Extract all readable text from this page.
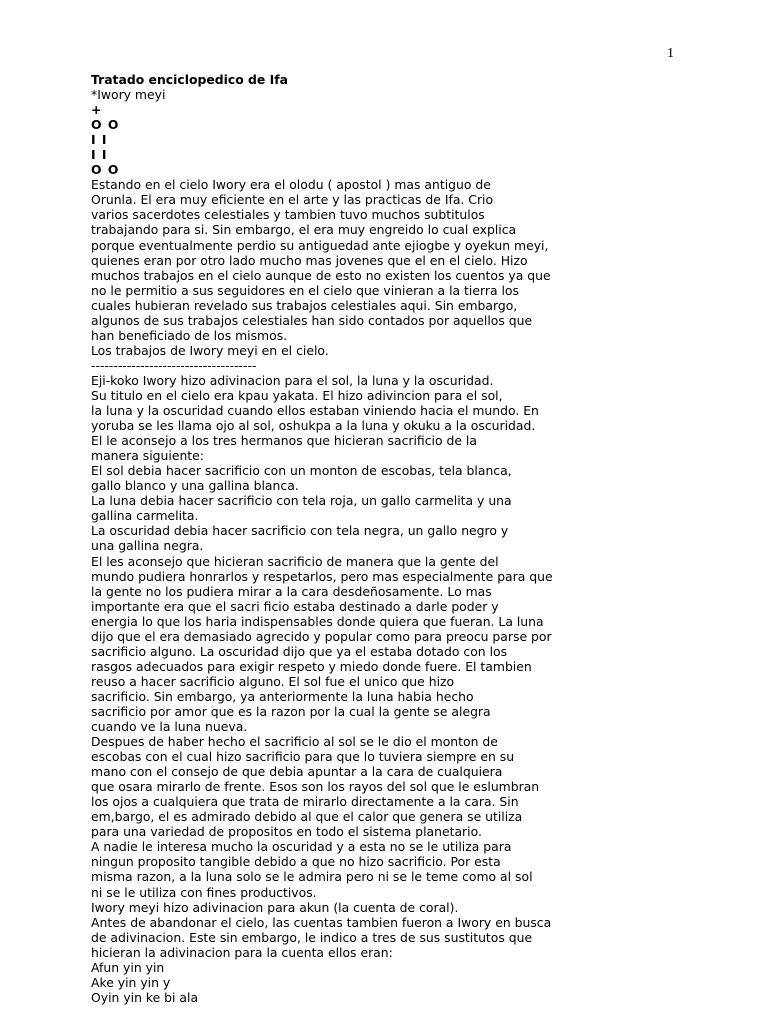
1
Tratado enciclopedico de Ifa
*Iwory meyi
+
O O
I I
I I
O O
Estando en el cielo Iwory era el olodu ( apostol ) mas antiguo de
Orunla. El era muy eficiente en el arte y las practicas de Ifa. Crio
varios sacerdotes celestiales y tambien tuvo muchos subtitulos
trabajando para si. Sin embargo, el era muy engreido lo cual explica
porque eventualmente perdio su antiguedad ante ejiogbe y oyekun meyi,
quienes eran por otro lado mucho mas jovenes que el en el cielo. Hizo
muchos trabajos en el cielo aunque de esto no existen los cuentos ya que
no le permitio a sus seguidores en el cielo que vinieran a la tierra los
cuales hubieran revelado sus trabajos celestiales aqui. Sin embargo,
algunos de sus trabajos celestiales han sido contados por aquellos que
han beneficiado de los mismos.
Los trabajos de Iwory meyi en el cielo.
-------------------------------------
Eji-koko Iwory hizo adivinacion para el sol, la luna y la oscuridad.
Su titulo en el cielo era kpau yakata. El hizo adivincion para el sol,
la luna y la oscuridad cuando ellos estaban viniendo hacia el mundo. En
yoruba se les llama ojo al sol, oshukpa a la luna y okuku a la oscuridad.
El le aconsejo a los tres hermanos que hicieran sacrificio de la
manera siguiente:
El sol debia hacer sacrificio con un monton de escobas, tela blanca,
gallo blanco y una gallina blanca.
La luna debia hacer sacrificio con tela roja, un gallo carmelita y una
gallina carmelita.
La oscuridad debia hacer sacrificio con tela negra, un gallo negro y
una gallina negra.
El les aconsejo que hicieran sacrificio de manera que la gente del
mundo pudiera honrarlos y respetarlos, pero mas especialmente para que
la gente no los pudiera mirar a la cara desdeñosamente. Lo mas
importante era que el sacri ficio estaba destinado a darle poder y
energia lo que los haria indispensables donde quiera que fueran. La luna
dijo que el era demasiado agrecido y popular como para preocu parse por
sacrificio alguno. La oscuridad dijo que ya el estaba dotado con los
rasgos adecuados para exigir respeto y miedo donde fuere. El tambien
reuso a hacer sacrificio alguno. El sol fue el unico que hizo
sacrificio. Sin embargo, ya anteriormente la luna habia hecho
sacrificio por amor que es la razon por la cual la gente se alegra
cuando ve la luna nueva.
Despues de haber hecho el sacrificio al sol se le dio el monton de
escobas con el cual hizo sacrificio para que lo tuviera siempre en su
mano con el consejo de que debia apuntar a la cara de cualquiera
que osara mirarlo de frente. Esos son los rayos del sol que le eslumbran
los ojos a cualquiera que trata de mirarlo directamente a la cara. Sin
em,bargo, el es admirado debido al que el calor que genera se utiliza
para una variedad de propositos en todo el sistema planetario.
A nadie le interesa mucho la oscuridad y a esta no se le utiliza para
ningun proposito tangible debido a que no hizo sacrificio. Por esta
misma razon, a la luna solo se le admira pero ni se le teme como al sol
ni se le utiliza con fines productivos.
Iwory meyi hizo adivinacion para akun (la cuenta de coral).
Antes de abandonar el cielo, las cuentas tambien fueron a Iwory en busca
de adivinacion. Este sin embargo, le indico a tres de sus sustitutos que
hicieran la adivinacion para la cuenta ellos eran:
Afun yin yin
Ake yin yin y
Oyin yin ke bi ala
